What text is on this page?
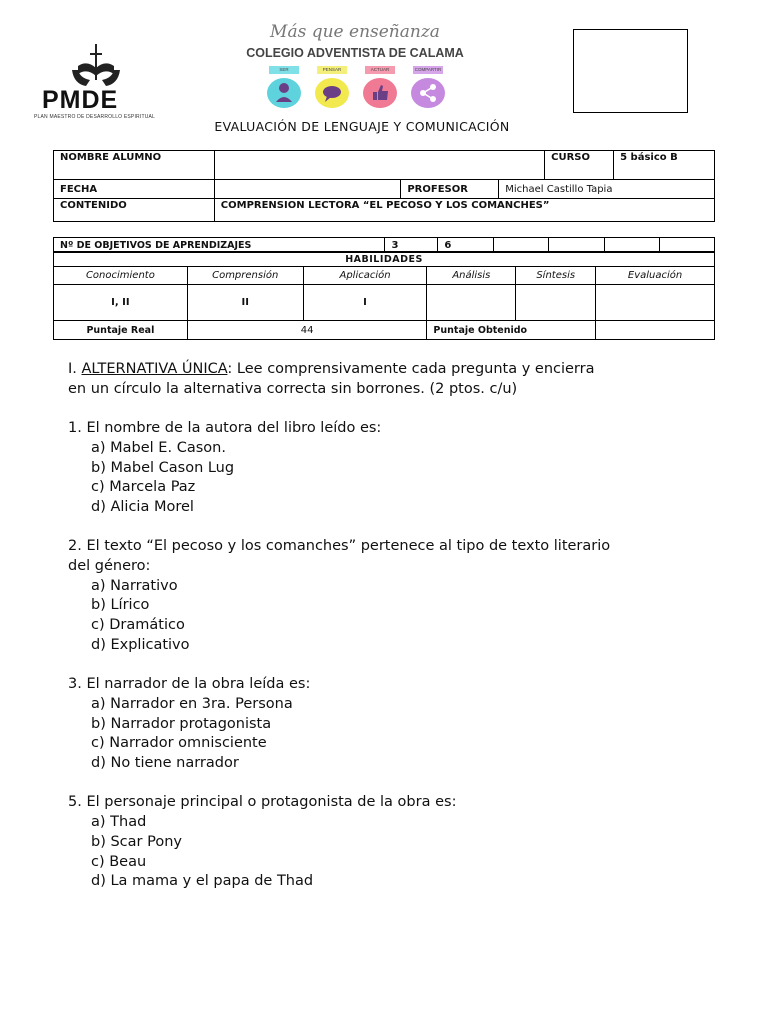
PMDE
PLAN MAESTRO DE DESARROLLO ESPIRITUAL
Más que enseñanza
COLEGIO ADVENTISTA DE CALAMA
SER	PENSAR	ACTUAR	COMPARTIR
EVALUACIÓN DE LENGUAJE Y COMUNICACIÓN
NOMBRE ALUMNO				CURSO	5 básico B
FECHA		PROFESOR	Michael Castillo Tapia		
CONTENIDO	COMPRENSION LECTORA “EL PECOSO Y LOS COMANCHES”				
Nº DE OBJETIVOS DE APRENDIZAJES	3	6				
HABILIDADES					
Conocimiento	Comprensión	Aplicación	Análisis	Síntesis	Evaluación
I, II	II	I			
Puntaje Real	44		Puntaje Obtenido		

I. ALTERNATIVA ÚNICA: Lee comprensivamente cada pregunta y encierra

en un círculo la alternativa correcta sin borrones. (2 ptos. c/u)

1. El nombre de la autora del libro leído es:

a) Mabel E. Cason.

b) Mabel Cason Lug

c) Marcela Paz

d) Alicia Morel

2. El texto “El pecoso y los comanches” pertenece al tipo de texto literario

del género:

a) Narrativo

b) Lírico

c) Dramático

d) Explicativo

3. El narrador de la obra leída es:

a) Narrador en 3ra. Persona

b) Narrador protagonista

c) Narrador omnisciente

d) No tiene narrador

5. El personaje principal o protagonista de la obra es:

a) Thad

b) Scar Pony

c) Beau

d) La mama y el papa de Thad
